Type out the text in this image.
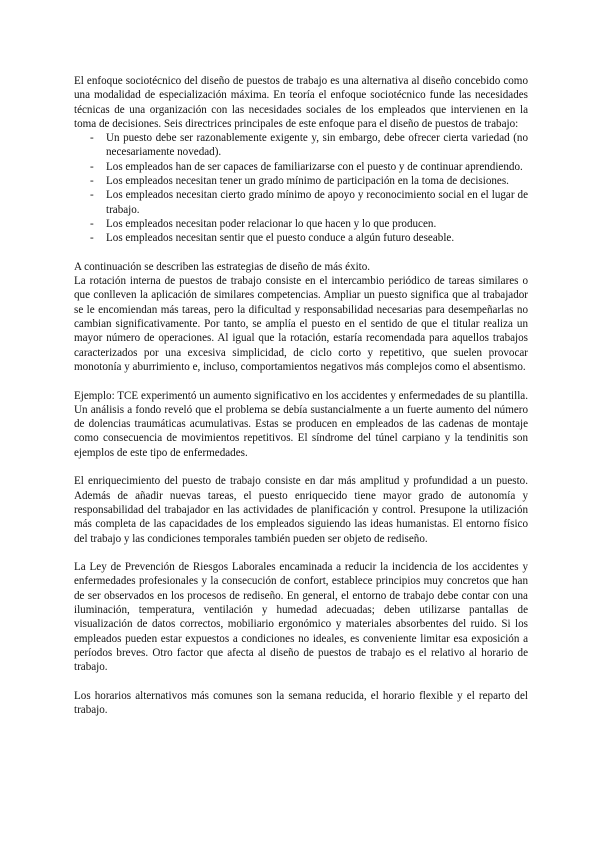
El enfoque sociotécnico del diseño de puestos de trabajo es una alternativa al diseño concebido como una modalidad de especialización máxima. En teoría el enfoque sociotécnico funde las necesidades técnicas de una organización con las necesidades sociales de los empleados que intervienen en la toma de decisiones. Seis directrices principales de este enfoque para el diseño de puestos de trabajo:

- Un puesto debe ser razonablemente exigente y, sin embargo, debe ofrecer cierta variedad (no necesariamente novedad).
- Los empleados han de ser capaces de familiarizarse con el puesto y de continuar aprendiendo.
- Los empleados necesitan tener un grado mínimo de participación en la toma de decisiones.
- Los empleados necesitan cierto grado mínimo de apoyo y reconocimiento social en el lugar de trabajo.
- Los empleados necesitan poder relacionar lo que hacen y lo que producen.
- Los empleados necesitan sentir que el puesto conduce a algún futuro deseable.

A continuación se describen las estrategias de diseño de más éxito.

La rotación interna de puestos de trabajo consiste en el intercambio periódico de tareas similares o que conlleven la aplicación de similares competencias. Ampliar un puesto significa que al trabajador se le encomiendan más tareas, pero la dificultad y responsabilidad necesarias para desempeñarlas no cambian significativamente. Por tanto, se amplía el puesto en el sentido de que el titular realiza un mayor número de operaciones. Al igual que la rotación, estaría recomendada para aquellos trabajos caracterizados por una excesiva simplicidad, de ciclo corto y repetitivo, que suelen provocar monotonía y aburrimiento e, incluso, comportamientos negativos más complejos como el absentismo.

Ejemplo: TCE experimentó un aumento significativo en los accidentes y enfermedades de su plantilla. Un análisis a fondo reveló que el problema se debía sustancialmente a un fuerte aumento del número de dolencias traumáticas acumulativas. Estas se producen en empleados de las cadenas de montaje como consecuencia de movimientos repetitivos. El síndrome del túnel carpiano y la tendinitis son ejemplos de este tipo de enfermedades.

El enriquecimiento del puesto de trabajo consiste en dar más amplitud y profundidad a un puesto. Además de añadir nuevas tareas, el puesto enriquecido tiene mayor grado de autonomía y responsabilidad del trabajador en las actividades de planificación y control. Presupone la utilización más completa de las capacidades de los empleados siguiendo las ideas humanistas. El entorno físico del trabajo y las condiciones temporales también pueden ser objeto de rediseño.

La Ley de Prevención de Riesgos Laborales encaminada a reducir la incidencia de los accidentes y enfermedades profesionales y la consecución de confort, establece principios muy concretos que han de ser observados en los procesos de rediseño. En general, el entorno de trabajo debe contar con una iluminación, temperatura, ventilación y humedad adecuadas; deben utilizarse pantallas de visualización de datos correctos, mobiliario ergonómico y materiales absorbentes del ruido. Si los empleados pueden estar expuestos a condiciones no ideales, es conveniente limitar esa exposición a períodos breves. Otro factor que afecta al diseño de puestos de trabajo es el relativo al horario de trabajo.

Los horarios alternativos más comunes son la semana reducida, el horario flexible y el reparto del trabajo.
